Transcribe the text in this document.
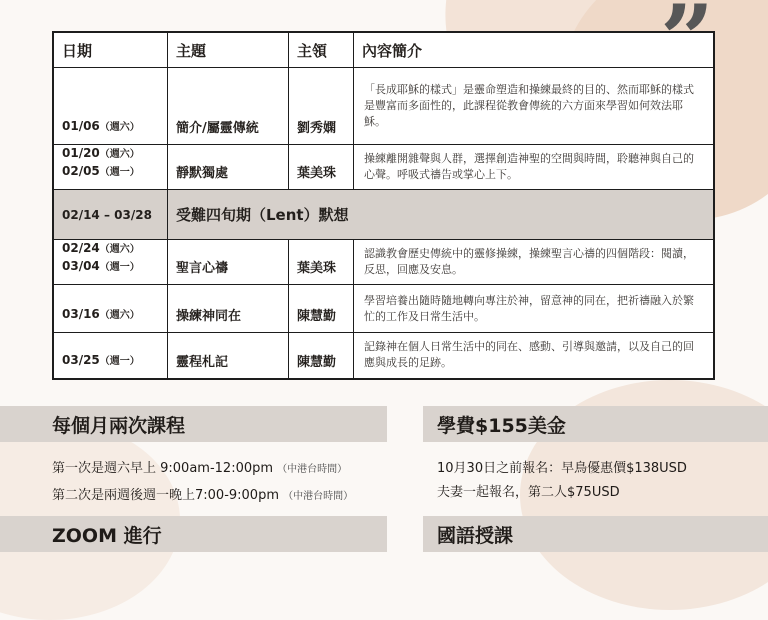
日期	主題	主領	內容簡介
01/06（週六）	簡介/屬靈傳統	劉秀嫻	「長成耶穌的樣式」是靈命塑造和操練最終的目的、然而耶穌的樣式是豐富而多面性的，此課程從教會傳統的六方面來學習如何效法耶穌。
01/20（週六）
02/05（週一）	靜默獨處	葉美珠	操練離開雜聲與人群，選擇創造神聖的空間與時間，聆聽神與自己的心聲。呼吸式禱告或掌心上下。
02/14 – 03/28	受難四旬期（Lent）默想		
02/24（週六）
03/04（週一）	聖言心禱	葉美珠	認識教會歷史傳統中的靈修操練，操練聖言心禱的四個階段：閱讀，反思，回應及安息。
03/16（週六）	操練神同在	陳慧勤	學習培養出隨時隨地轉向專注於神，留意神的同在，把祈禱融入於繁忙的工作及日常生活中。
03/25（週一）	靈程札記	陳慧勤	記錄神在個人日常生活中的同在、感動、引導與邀請，以及自己的回應與成長的足跡。
每個月兩次課程	學費$155美金
第一次是週六早上 9:00am-12:00pm （中港台時間）
第二次是兩週後週一晚上7:00-9:00pm （中港台時間）
10月30日之前報名：早鳥優惠價$138USD
夫妻一起報名，第二人$75USD
ZOOM 進行	國語授課
